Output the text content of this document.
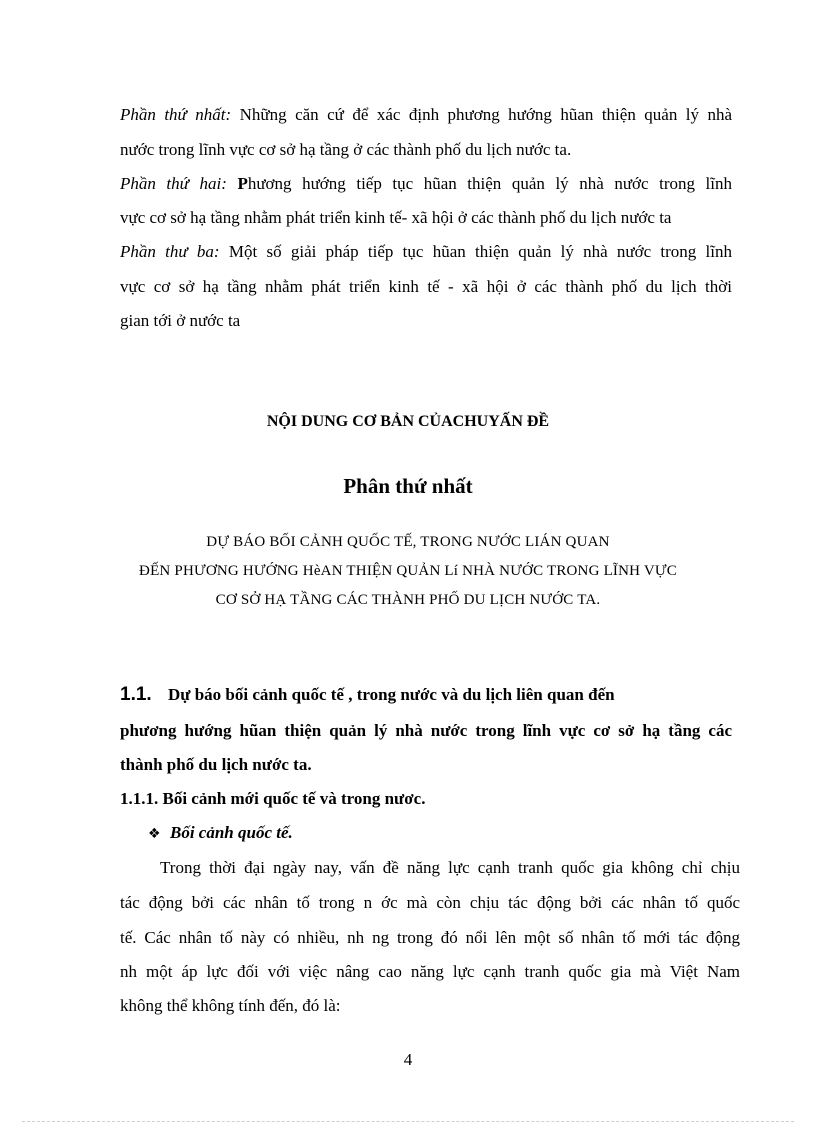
Phần thứ nhất: Những căn cứ để xác định phương hướng hũan thiện quản lý nhà
nước trong lĩnh vực cơ sở hạ tầng ở các thành phố du lịch nước ta.
Phần thứ hai: Phương hướng tiếp tục hũan thiện quản lý nhà nước trong lĩnh
vực cơ sở hạ tầng nhằm phát triển kinh tế- xã hội ở các thành phố du lịch nước ta
Phần thư ba: Một số giải pháp tiếp tục hũan thiện quản lý nhà nước trong lĩnh
vực cơ sở hạ tầng nhằm phát triển kinh tế - xã hội ở các thành phố du lịch thời
gian tới ở nước ta
NỘI DUNG CƠ BẢN CỦACHUYẤN ĐỀ
Phân thứ nhất
DỰ BÁO BỐI CẢNH QUỐC TẾ, TRONG NƯỚC LIÁN QUAN
ĐẾN PHƯƠNG HƯỚNG HèAN THIỆN QUẢN Lí NHÀ NƯỚC TRONG LĨNH VỰC
CƠ SỞ HẠ TẦNG CÁC THÀNH PHỐ DU LỊCH NƯỚC TA.
1.1. Dự báo bối cảnh quốc tế , trong nước và du lịch liên quan đến
phương hướng hũan thiện quản lý nhà nước trong lĩnh vực cơ sở hạ tầng các
thành phố du lịch nước ta.
1.1.1. Bối cảnh mới quốc tế và trong nươc.
❖ Bối cảnh quốc tế.
Trong thời đại ngày nay, vấn đề năng lực cạnh tranh quốc gia không chỉ chịu
tác động bởi các nhân tố trong n ớc mà còn chịu tác động bởi các nhân tố quốc
tế. Các nhân tố này có nhiều, nh ng trong đó nổi lên một số nhân tố mới tác động
nh một áp lực đối với việc nâng cao năng lực cạnh tranh quốc gia mà Việt Nam
không thể không tính đến, đó là:
4
